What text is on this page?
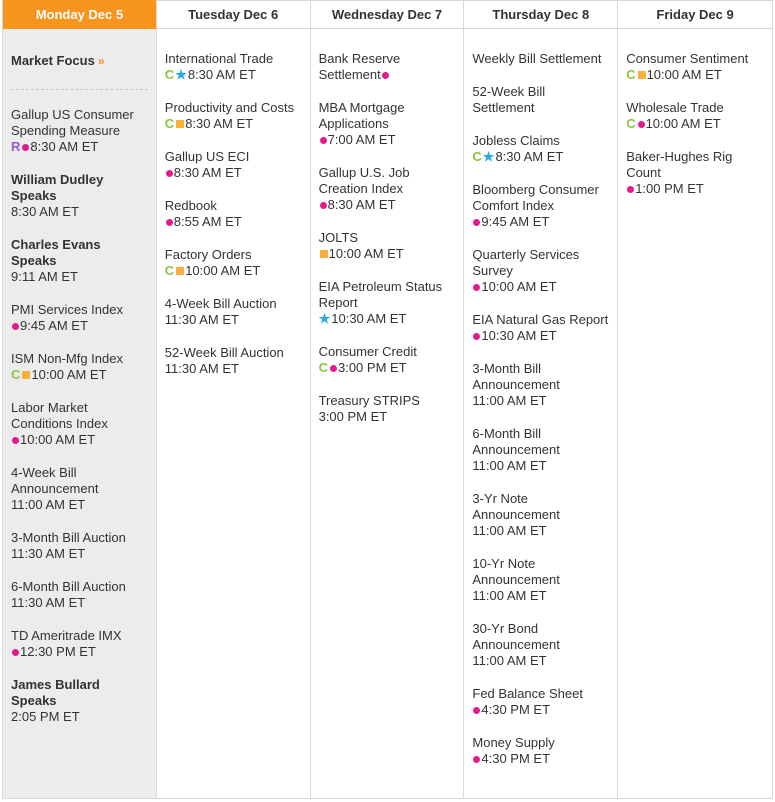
Monday Dec 5
Market Focus »
Gallup US Consumer Spending Measure
R 8:30 AM ET
William Dudley Speaks
8:30 AM ET
Charles Evans Speaks
9:11 AM ET
PMI Services Index
9:45 AM ET
ISM Non-Mfg Index
C 10:00 AM ET
Labor Market Conditions Index
10:00 AM ET
4-Week Bill Announcement
11:00 AM ET
3-Month Bill Auction
11:30 AM ET
6-Month Bill Auction
11:30 AM ET
TD Ameritrade IMX
12:30 PM ET
James Bullard Speaks
2:05 PM ET
Tuesday Dec 6
International Trade
C ★ 8:30 AM ET
Productivity and Costs
C 8:30 AM ET
Gallup US ECI
8:30 AM ET
Redbook
8:55 AM ET
Factory Orders
C 10:00 AM ET
4-Week Bill Auction
11:30 AM ET
52-Week Bill Auction
11:30 AM ET
Wednesday Dec 7
Bank Reserve Settlement
MBA Mortgage Applications
7:00 AM ET
Gallup U.S. Job Creation Index
8:30 AM ET
JOLTS
10:00 AM ET
EIA Petroleum Status Report
★ 10:30 AM ET
Consumer Credit
C 3:00 PM ET
Treasury STRIPS
3:00 PM ET
Thursday Dec 8
Weekly Bill Settlement
52-Week Bill Settlement
Jobless Claims
C ★ 8:30 AM ET
Bloomberg Consumer Comfort Index
9:45 AM ET
Quarterly Services Survey
10:00 AM ET
EIA Natural Gas Report
10:30 AM ET
3-Month Bill Announcement
11:00 AM ET
6-Month Bill Announcement
11:00 AM ET
3-Yr Note Announcement
11:00 AM ET
10-Yr Note Announcement
11:00 AM ET
30-Yr Bond Announcement
11:00 AM ET
Fed Balance Sheet
4:30 PM ET
Money Supply
4:30 PM ET
Friday Dec 9
Consumer Sentiment
C 10:00 AM ET
Wholesale Trade
C 10:00 AM ET
Baker-Hughes Rig Count
1:00 PM ET
